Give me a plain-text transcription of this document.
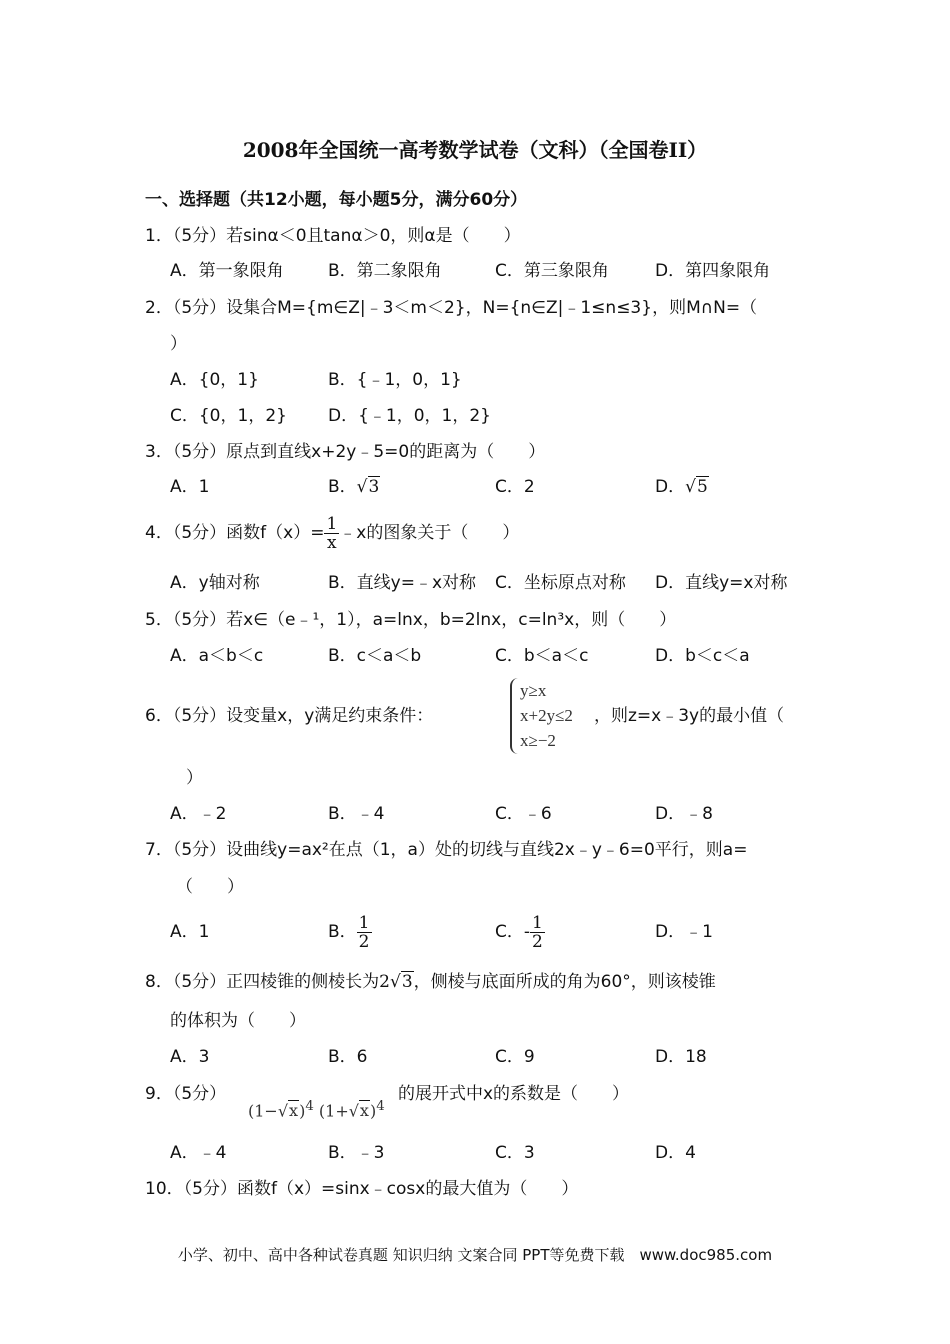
2008年全国统一高考数学试卷（文科）（全国卷II）
一、选择题（共12小题，每小题5分，满分60分）
1．（5分）若sinα＜0且tanα＞0，则α是（　　）
A．第一象限角	B．第二象限角	C．第三象限角	D．第四象限角
2．（5分）设集合M={m∈Z|﹣3＜m＜2}，N={n∈Z|﹣1≤n≤3}，则M∩N=（
）
A．{0，1}	B．{﹣1，0，1}
C．{0，1，2} D．{﹣1，0，1，2}
3．（5分）原点到直线x+2y﹣5=0的距离为（　　）
A．1	B．√3	C．2	D．√5
4．（5分）函数$f(x)= \frac{1}{x}$ ﹣x的图象关于（　　）
A．y轴对称	B．直线y=﹣x对称 C．坐标原点对称 D．直线y=x对称
5．（5分）若x∈（e﹣¹，1），a=lnx，b=2lnx，c=ln³x，则（　　）
A．a＜b＜c	B．c＜a＜b	C．b＜a＜c	D．b＜c＜a
6．（5分）设变量x，y满足约束条件：
y≥x
x+2y≤2
x≥−2
，则z=x﹣3y的最小值（
）
A．﹣2	B．﹣4	C．﹣6	D．﹣8
7．（5分）设曲线y=ax²在点（1，a）处的切线与直线2x﹣y﹣6=0平行，则a=
（　　）
A．1	B． $\frac{1}{2}$	C．- $\frac{1}{2}$	D．﹣1
8．（5分）正四棱锥的侧棱长为2√3，侧棱与底面所成的角为60°，则该棱锥
的体积为（　　）
A．3	B．6	C．9	D．18
9．（5分）
$(1-√x)^4$ $(1+√x)^4$
的展开式中x的系数是（　　）
A．﹣4	B．﹣3	C．3	D．4
10．（5分）函数f（x）=sinx﹣cosx的最大值为（　　）
小学、初中、高中各种试卷真题 知识归纳 文案合同 PPT等免费下载　www.doc985.com
